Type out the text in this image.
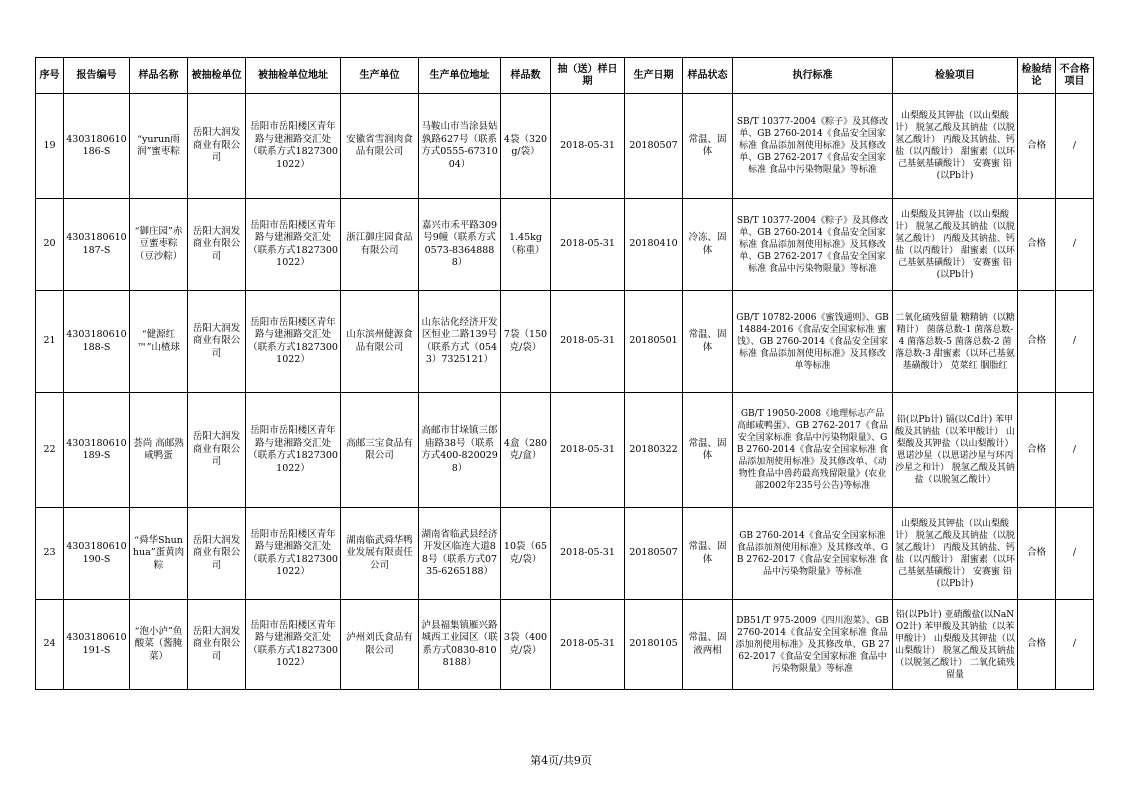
序号	报告编号	样品名称	被抽检单位	被抽检单位地址	生产单位	生产单位地址	样品数	抽（送）样日期	生产日期	样品状态	执行标准	检验项目	检验结论	不合格项目
19	4303180610186-S	“yurun雨润”蜜枣粽	岳阳大润发商业有限公司	岳阳市岳阳楼区青年路与建湘路交汇处（联系方式18273001022）	安徽省雪润肉食品有限公司	马鞍山市当涂县姑孰路627号（联系方式0555-6731004）	4袋（320g/袋）	2018-05-31	20180507	常温、固体	SB/T 10377-2004《粽子》及其修改单、GB 2760-2014《食品安全国家标准 食品添加剂使用标准》及其修改单、GB 2762-2017《食品安全国家标准 食品中污染物限量》等标准	山梨酸及其钾盐（以山梨酸计） 脱氢乙酸及其钠盐（以脱氢乙酸计） 丙酸及其钠盐、钙盐（以丙酸计） 甜蜜素（以环己基氨基磺酸计） 安赛蜜 铅(以Pb计)	合格	/
20	4303180610187-S	“御庄园”赤豆蜜枣粽（豆沙粽）	岳阳大润发商业有限公司	岳阳市岳阳楼区青年路与建湘路交汇处（联系方式18273001022）	浙江御庄园食品有限公司	嘉兴市禾平路309号9幢（联系方式0573-83648888）	1.45kg（称重）	2018-05-31	20180410	冷冻、固体	SB/T 10377-2004《粽子》及其修改单、GB 2760-2014《食品安全国家标准 食品添加剂使用标准》及其修改单、GB 2762-2017《食品安全国家标准 食品中污染物限量》等标准	山梨酸及其钾盐（以山梨酸计） 脱氢乙酸及其钠盐（以脱氢乙酸计） 丙酸及其钠盐、钙盐（以丙酸计） 甜蜜素（以环己基氨基磺酸计） 安赛蜜 铅(以Pb计)	合格	/
21	4303180610188-S	“健源红™”山楂球	岳阳大润发商业有限公司	岳阳市岳阳楼区青年路与建湘路交汇处（联系方式18273001022）	山东滨州健源食品有限公司	山东沾化经济开发区恒业二路139号（联系方式（0543）7325121）	7袋（150克/袋）	2018-05-31	20180501	常温、固体	GB/T 10782-2006《蜜饯通则》、GB 14884-2016《食品安全国家标准 蜜饯》、GB 2760-2014《食品安全国家标准 食品添加剂使用标准》及其修改单等标准	二氧化硫残留量 糖精钠（以糖精计） 菌落总数-1 菌落总数-4 菌落总数-5 菌落总数-2 菌落总数-3 甜蜜素（以环己基氨基磺酸计） 苋菜红 胭脂红	合格	/
22	4303180610189-S	荟尚 高邮熟咸鸭蛋	岳阳大润发商业有限公司	岳阳市岳阳楼区青年路与建湘路交汇处（联系方式18273001022）	高邮三宝食品有限公司	高邮市甘垛镇三郎庙路38号（联系方式400-8200298）	4盒（280克/盒）	2018-05-31	20180322	常温、固体	GB/T 19050-2008《地理标志产品 高邮咸鸭蛋》、GB 2762-2017《食品安全国家标准 食品中污染物限量》、GB 2760-2014《食品安全国家标准 食品添加剂使用标准》及其修改单、《动物性食品中兽药最高残留限量》(农业部2002年235号公告)等标准	铅(以Pb计) 镉(以Cd计) 苯甲酸及其钠盐（以苯甲酸计） 山梨酸及其钾盐（以山梨酸计） 恩诺沙星（以恩诺沙星与环丙沙星之和计） 脱氢乙酸及其钠盐（以脱氢乙酸计）	合格	/
23	4303180610190-S	“舜华Shunhua”蛋黄肉粽	岳阳大润发商业有限公司	岳阳市岳阳楼区青年路与建湘路交汇处（联系方式18273001022）	湖南临武舜华鸭业发展有限责任公司	湖南省临武县经济开发区临连大道88号（联系方式0735-6265188）	10袋（65克/袋）	2018-05-31	20180507	常温、固体	GB 2760-2014《食品安全国家标准 食品添加剂使用标准》及其修改单、GB 2762-2017《食品安全国家标准 食品中污染物限量》等标准	山梨酸及其钾盐（以山梨酸计） 脱氢乙酸及其钠盐（以脱氢乙酸计） 丙酸及其钠盐、钙盐（以丙酸计） 甜蜜素（以环己基氨基磺酸计） 安赛蜜 铅(以Pb计)	合格	/
24	4303180610191-S	“泡小泸”鱼酸菜（酱腌菜）	岳阳大润发商业有限公司	岳阳市岳阳楼区青年路与建湘路交汇处（联系方式18273001022）	泸州刘氏食品有限公司	泸县福集镇雁兴路城西工业园区（联系方式0830-8108188）	3袋（400克/袋）	2018-05-31	20180105	常温、固液两相	DB51/T 975-2009《四川泡菜》、GB 2760-2014《食品安全国家标准 食品添加剂使用标准》及其修改单、GB 2762-2017《食品安全国家标准 食品中污染物限量》等标准	铅(以Pb计) 亚硝酸盐(以NaNO2计) 苯甲酸及其钠盐（以苯甲酸计） 山梨酸及其钾盐（以山梨酸计） 脱氢乙酸及其钠盐（以脱氢乙酸计） 二氧化硫残留量	合格	/
第4页/共9页
